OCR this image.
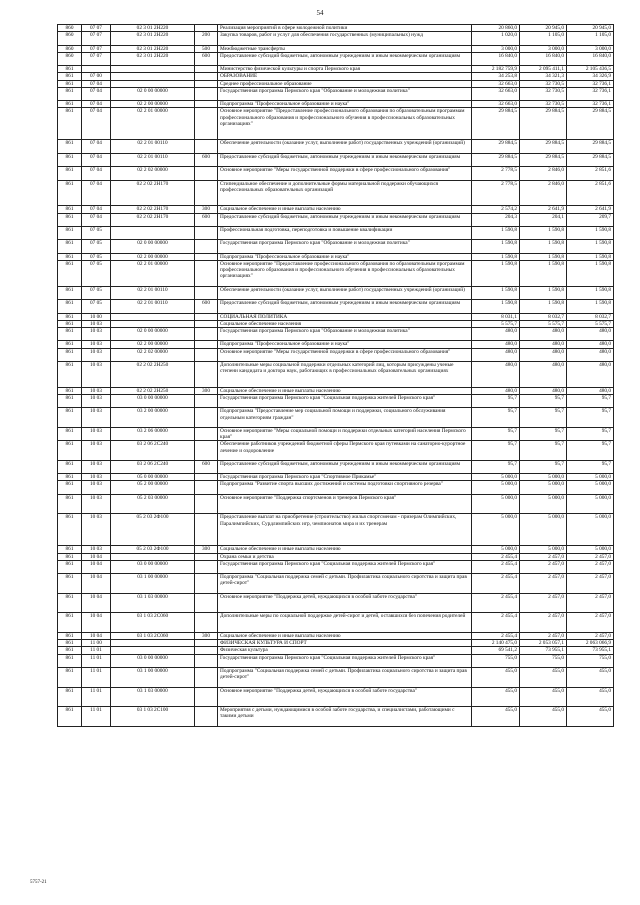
54
860	07 07	02 3 01 2Н220		Реализация мероприятий в сфере молодежной политики	20 860,0	20 945,0	20 945,0
860	07 07	02 3 01 2Н220	200	Закупка товаров, работ и услуг для обеспечения государственных (муниципальных) нужд	1 020,0	1 105,0	1 105,0
860	07 07	02 3 01 2Н220	500	Межбюджетные трансферты	3 000,0	3 000,0	3 000,0
860	07 07	02 3 01 2Н220	600	Предоставление субсидий бюджетным, автономным учреждениям и иным некоммерческим организациям	16 840,0	16 840,0	16 840,0
861				Министерство физической культуры и спорта Пермского края	2 182 759,9	2 095 411,1	2 105 436,5
861	07 00			ОБРАЗОВАНИЕ	34 253,8	34 321,3	34 326,9
861	07 04			Среднее профессиональное образование	32 663,0	32 730,5	32 736,1
861	07 04	02 0 00 00000		Государственная программа Пермского края "Образование и молодежная политика"	32 663,0	32 730,5	32 736,1
861	07 04	02 2 00 00000		Подпрограмма "Профессиональное образование и наука"	32 663,0	32 730,5	32 736,1
861	07 04	02 2 01 00000		Основное мероприятие "Предоставление профессионального образования по образовательным программам профессионального образования и профессионального обучения в профессиональных образовательных организациях"	29 884,5	29 884,5	29 884,5
861	07 04	02 2 01 00110		Обеспечение деятельности (оказание услуг, выполнение работ) государственных учреждений (организаций)	29 884,5	29 884,5	29 884,5
861	07 04	02 2 01 00110	600	Предоставление субсидий бюджетным, автономным учреждениям и иным некоммерческим организациям	29 884,5	29 884,5	29 884,5
861	07 04	02 2 02 00000		Основное мероприятие "Меры государственной поддержки в сфере профессионального образования"	2 778,5	2 846,0	2 851,6
861	07 04	02 2 02 2Н170		Стипендиальное обеспечение и дополнительные формы материальной поддержки обучающихся профессиональных образовательных организаций	2 778,5	2 846,0	2 851,6
861	07 04	02 2 02 2Н170	300	Социальное обеспечение и иные выплаты населению	2 574,2	2 641,9	2 641,9
861	07 04	02 2 02 2Н170	600	Предоставление субсидий бюджетным, автономным учреждениям и иным некоммерческим организациям	204,3	204,1	209,7
861	07 05			Профессиональная подготовка, переподготовка и повышение квалификации	1 590,8	1 590,8	1 590,8
861	07 05	02 0 00 00000		Государственная программа Пермского края "Образование и молодежная политика"	1 590,8	1 590,8	1 590,8
861	07 05	02 2 00 00000		Подпрограмма "Профессиональное образование и наука"	1 590,8	1 590,8	1 590,8
861	07 05	02 2 01 00000		Основное мероприятие "Предоставление профессионального образования по образовательным программам профессионального образования и профессионального обучения в профессиональных образовательных организациях"	1 590,8	1 590,8	1 590,8
861	07 05	02 2 01 00110		Обеспечение деятельности (оказание услуг, выполнение работ) государственных учреждений (организаций)	1 590,8	1 590,8	1 590,8
861	07 05	02 2 01 00110	600	Предоставление субсидий бюджетным, автономным учреждениям и иным некоммерческим организациям	1 590,8	1 590,8	1 590,8
861	10 00			СОЦИАЛЬНАЯ ПОЛИТИКА	8 031,1	8 032,7	8 032,7
861	10 03			Социальное обеспечение населения	5 575,7	5 575,7	5 575,7
861	10 03	02 0 00 00000		Государственная программа Пермского края "Образование и молодежная политика"	480,0	480,0	480,0
861	10 03	02 2 00 00000		Подпрограмма "Профессиональное образование и наука"	480,0	480,0	480,0
861	10 03	02 2 02 00000		Основное мероприятие "Меры государственной поддержки в сфере профессионального образования"	480,0	480,0	480,0
861	10 03	02 2 02 2Н250		Дополнительные меры социальной поддержки отдельных категорий лиц, которым присуждены ученые степени кандидата и доктора наук, работающих в профессиональных образовательных организациях	480,0	480,0	480,0
861	10 03	02 2 02 2Н250	300	Социальное обеспечение и иные выплаты населению	480,0	480,0	480,0
861	10 03	03 0 00 00000		Государственная программа Пермского края "Социальная поддержка жителей Пермского края"	95,7	95,7	95,7
861	10 03	03 2 00 00000		Подпрограмма "Предоставление мер социальной помощи и поддержки, социального обслуживания отдельным категориям граждан"	95,7	95,7	95,7
861	10 03	03 2 06 00000		Основное мероприятие "Меры социальной помощи и поддержки отдельных категорий населения Пермского края"	95,7	95,7	95,7
861	10 03	03 2 06 2С240		Обеспечение работников учреждений бюджетной сферы Пермского края путевками на санаторно-курортное лечение и оздоровление	95,7	95,7	95,7
861	10 03	03 2 06 2С240	600	Предоставление субсидий бюджетным, автономным учреждениям и иным некоммерческим организациям	95,7	95,7	95,7
861	10 03	05 0 00 00000		Государственная программа Пермского края "Спортивное Прикамье"	5 000,0	5 000,0	5 000,0
861	10 03	05 2 00 00000		Подпрограмма "Развитие спорта высших достижений и системы подготовки спортивного резерва"	5 000,0	5 000,0	5 000,0
861	10 03	05 2 03 00000		Основное мероприятие "Поддержка спортсменов и тренеров Пермского края"	5 000,0	5 000,0	5 000,0
861	10 03	05 2 03 2Ф100		Предоставление выплат на приобретение (строительство) жилья спортсменам - призерам Олимпийских, Паралимпийских, Сурдлимпийских игр, чемпионатов мира и их тренерам	5 000,0	5 000,0	5 000,0
861	10 03	05 2 03 2Ф100	300	Социальное обеспечение и иные выплаты населению	5 000,0	5 000,0	5 000,0
861	10 04			Охрана семьи и детства	2 455,4	2 457,0	2 457,0
861	10 04	03 0 00 00000		Государственная программа Пермского края "Социальная поддержка жителей Пермского края"	2 455,4	2 457,0	2 457,0
861	10 04	03 1 00 00000		Подпрограмма "Социальная поддержка семей с детьми. Профилактика социального сиротства и защита прав детей-сирот"	2 455,4	2 457,0	2 457,0
861	10 04	03 1 03 00000		Основное мероприятие "Поддержка детей, нуждающихся в особой заботе государства"	2 455,4	2 457,0	2 457,0
861	10 04	03 1 03 2С060		Дополнительные меры по социальной поддержке детей-сирот и детей, оставшихся без попечения родителей	2 455,4	2 457,0	2 457,0
861	10 04	03 1 03 2С060	300	Социальное обеспечение и иные выплаты населению	2 455,4	2 457,0	2 457,0
861	11 00			ФИЗИЧЕСКАЯ КУЛЬТУРА И СПОРТ	2 140 475,0	2 053 057,1	2 063 066,9
861	11 01			Физическая культура	69 541,2	73 955,1	73 955,1
861	11 01	03 0 00 00000		Государственная программа Пермского края "Социальная поддержка жителей Пермского края"	755,0	755,0	755,0
861	11 01	03 1 00 00000		Подпрограмма "Социальная поддержка семей с детьми. Профилактика социального сиротства и защита прав детей-сирот"	455,0	455,0	455,0
861	11 01	03 1 03 00000		Основное мероприятие "Поддержка детей, нуждающихся в особой заботе государства"	455,0	455,0	455,0
861	11 01	03 1 03 2С100		Мероприятия с детьми, нуждающимися в особой заботе государства, и специалистами, работающими с такими детьми	455,0	455,0	455,0
5757-21
